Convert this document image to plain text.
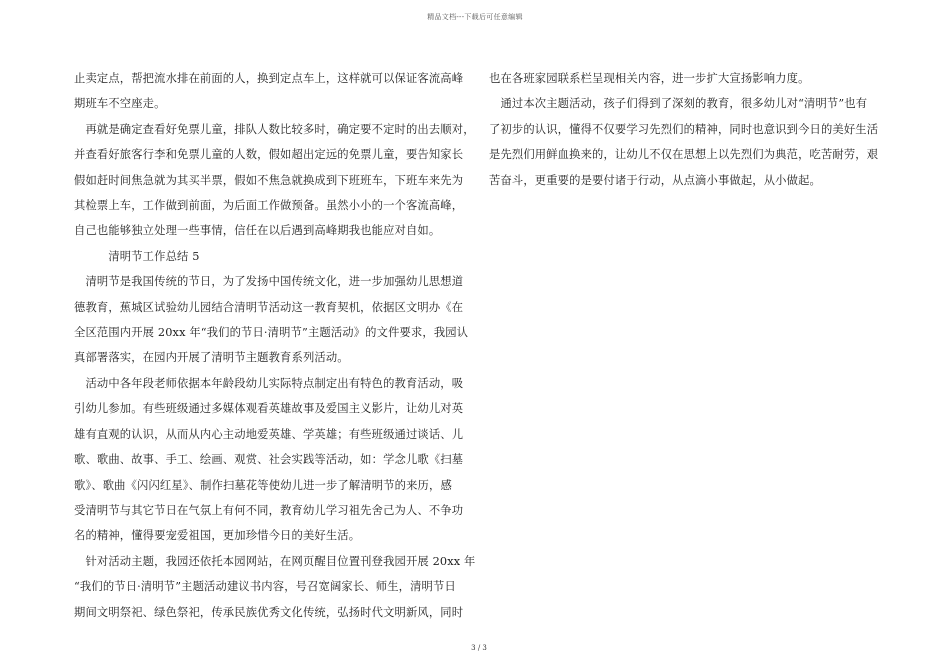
精品文档---下载后可任意编辑
止卖定点，帮把流水排在前面的人，换到定点车上，这样就可以保证客流高峰
期班车不空座走。
　再就是确定查看好免票儿童，排队人数比较多时，确定要不定时的出去顺对，
并查看好旅客行李和免票儿童的人数，假如超出定远的免票儿童，要告知家长
假如赶时间焦急就为其买半票，假如不焦急就换成到下班班车，下班车来先为
其检票上车，工作做到前面，为后面工作做预备。虽然小小的一个客流高峰，
自己也能够独立处理一些事情，信任在以后遇到高峰期我也能应对自如。
　　　清明节工作总结 5
　清明节是我国传统的节日，为了发扬中国传统文化，进一步加强幼儿思想道
德教育，蕉城区试验幼儿园结合清明节活动这一教育契机，依据区文明办《在
全区范围内开展 20xx 年“我们的节日·清明节”主题活动》的文件要求，我园认
真部署落实，在园内开展了清明节主题教育系列活动。
　活动中各年段老师依据本年龄段幼儿实际特点制定出有特色的教育活动，吸
引幼儿参加。有些班级通过多媒体观看英雄故事及爱国主义影片，让幼儿对英
雄有直观的认识，从而从内心主动地爱英雄、学英雄；有些班级通过谈话、儿
歌、歌曲、故事、手工、绘画、观赏、社会实践等活动，如：学念儿歌《扫墓
歌》、歌曲《闪闪红星》、制作扫墓花等使幼儿进一步了解清明节的来历，感
受清明节与其它节日在气氛上有何不同，教育幼儿学习祖先舍己为人、不争功
名的精神，懂得要宠爱祖国，更加珍惜今日的美好生活。
　针对活动主题，我园还依托本园网站，在网页醒目位置刊登我园开展 20xx 年
“我们的节日·清明节”主题活动建议书内容，号召宽阔家长、师生，清明节日
期间文明祭祀、绿色祭祀，传承民族优秀文化传统，弘扬时代文明新风，同时
也在各班家园联系栏呈现相关内容，进一步扩大宣扬影响力度。
　通过本次主题活动，孩子们得到了深刻的教育，很多幼儿对“清明节”也有
了初步的认识，懂得不仅要学习先烈们的精神，同时也意识到今日的美好生活
是先烈们用鲜血换来的，让幼儿不仅在思想上以先烈们为典范，吃苦耐劳，艰
苦奋斗，更重要的是要付诸于行动，从点滴小事做起，从小做起。
3 / 3
